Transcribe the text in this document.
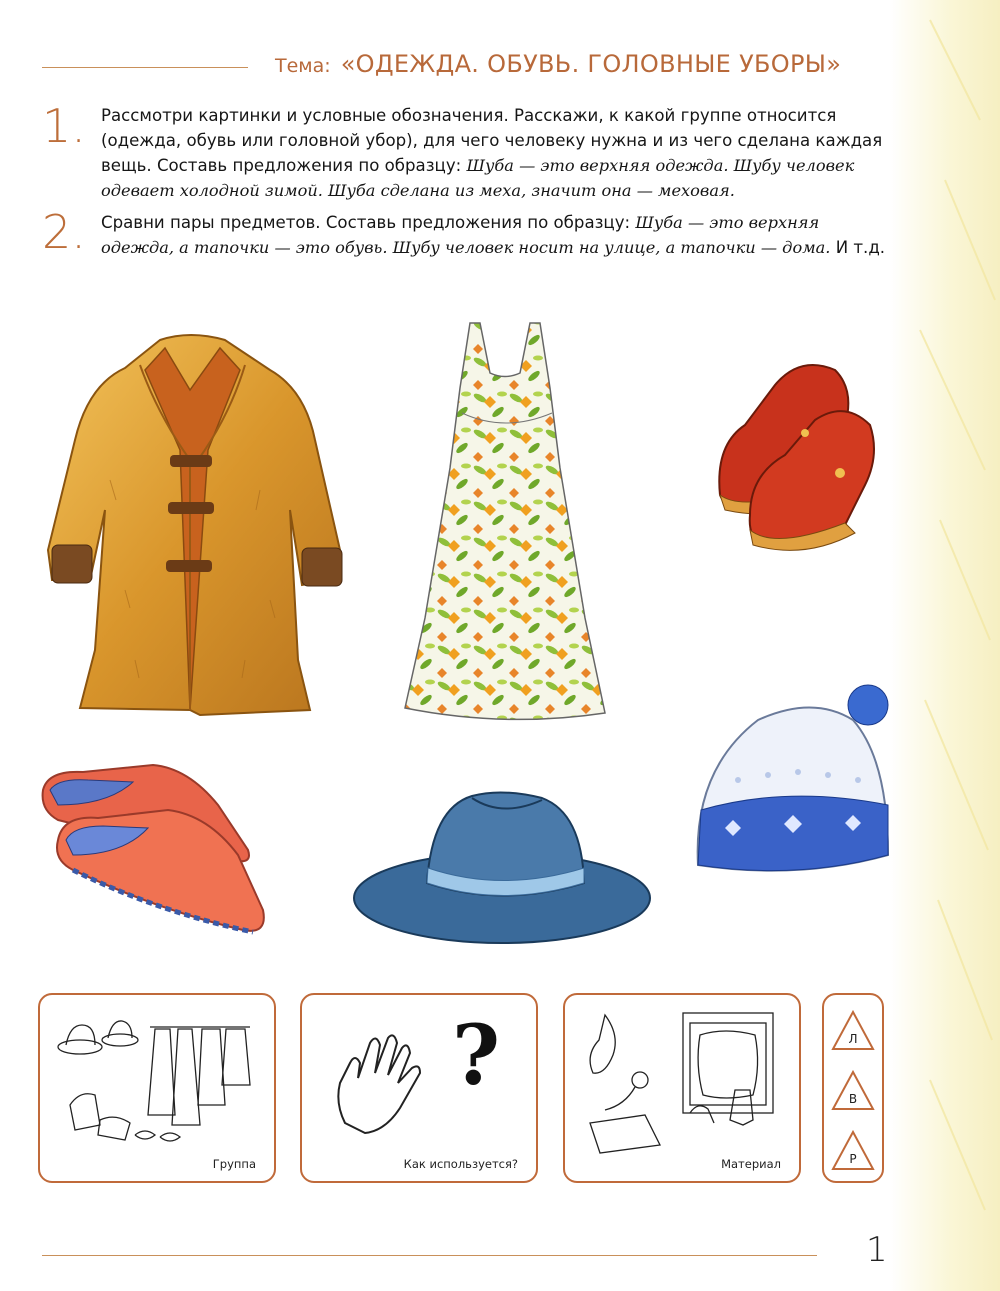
Тема: «ОДЕЖДА. ОБУВЬ. ГОЛОВНЫЕ УБОРЫ»
1. Рассмотри картинки и условные обозначения. Расскажи, к какой группе относится (одежда, обувь или головной убор), для чего человеку нужна и из чего сделана каждая вещь. Составь предложения по образцу: Шуба — это верхняя одежда. Шубу человек одевает холодной зимой. Шуба сделана из меха, значит она — меховая.
2. Сравни пары предметов. Составь предложения по образцу: Шуба — это верхняя одежда, а тапочки — это обувь. Шубу человек носит на улице, а тапочки — дома. И т.д.
Группа
?
Как используется?	Материал
Л
В
Р
1
